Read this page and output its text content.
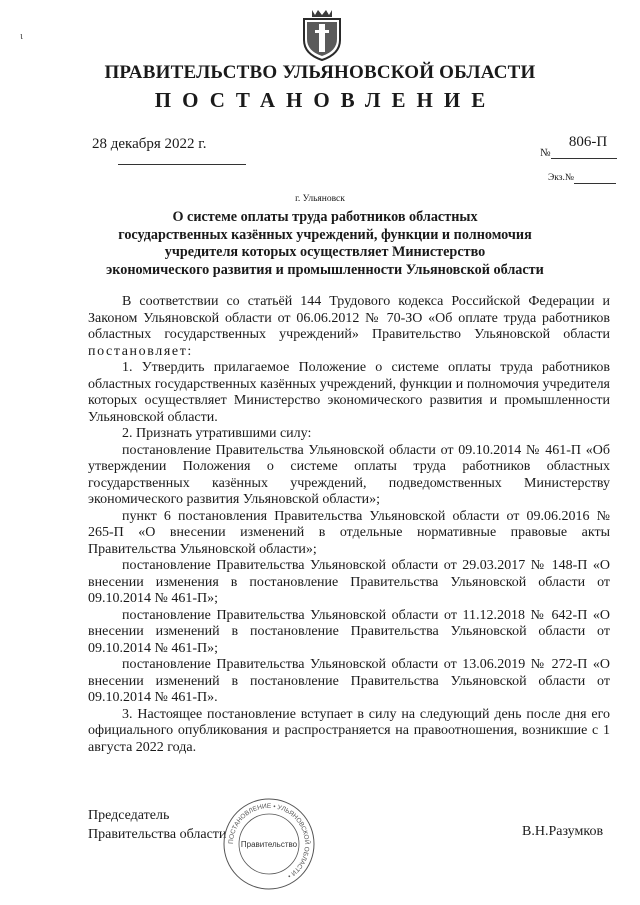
ι
ПРАВИТЕЛЬСТВО УЛЬЯНОВСКОЙ ОБЛАСТИ
ПОСТАНОВЛЕНИЕ
28 декабря 2022 г.
№
806-П
Экз.№
г. Ульяновск
О системе оплаты труда работников областных
государственных казённых учреждений, функции и полномочия
учредителя которых осуществляет Министерство
экономического развития и промышленности Ульяновской области

В соответствии со статьёй 144 Трудового кодекса Российской Федерации и Законом Ульяновской области от 06.06.2012 № 70-ЗО «Об оплате труда работников областных государственных учреждений» Правительство Ульяновской области постановляет:

1. Утвердить прилагаемое Положение о системе оплаты труда работников областных государственных казённых учреждений, функции и полномочия учредителя которых осуществляет Министерство экономического развития и промышленности Ульяновской области.

2. Признать утратившими силу:

постановление Правительства Ульяновской области от 09.10.2014 № 461-П «Об утверждении Положения о системе оплаты труда работников областных государственных казённых учреждений, подведомственных Министерству экономического развития Ульяновской области»;

пункт 6 постановления Правительства Ульяновской области от 09.06.2016 № 265-П «О внесении изменений в отдельные нормативные правовые акты Правительства Ульяновской области»;

постановление Правительства Ульяновской области от 29.03.2017 № 148-П «О внесении изменения в постановление Правительства Ульяновской области от 09.10.2014 № 461-П»;

постановление Правительства Ульяновской области от 11.12.2018 № 642-П «О внесении изменений в постановление Правительства Ульяновской области от 09.10.2014 № 461-П»;

постановление Правительства Ульяновской области от 13.06.2019 № 272-П «О внесении изменений в постановление Правительства Ульяновской области от 09.10.2014 № 461-П».

3. Настоящее постановление вступает в силу на следующий день после дня его официального опубликования и распространяется на правоотношения, возникшие с 1 августа 2022 года.

Председатель
Правительства области ПОСТАНОВЛЕНИЕ • УЛЬЯНОВСКОЙ ОБЛАСТИ •
Правительство
В.Н.Разумков
